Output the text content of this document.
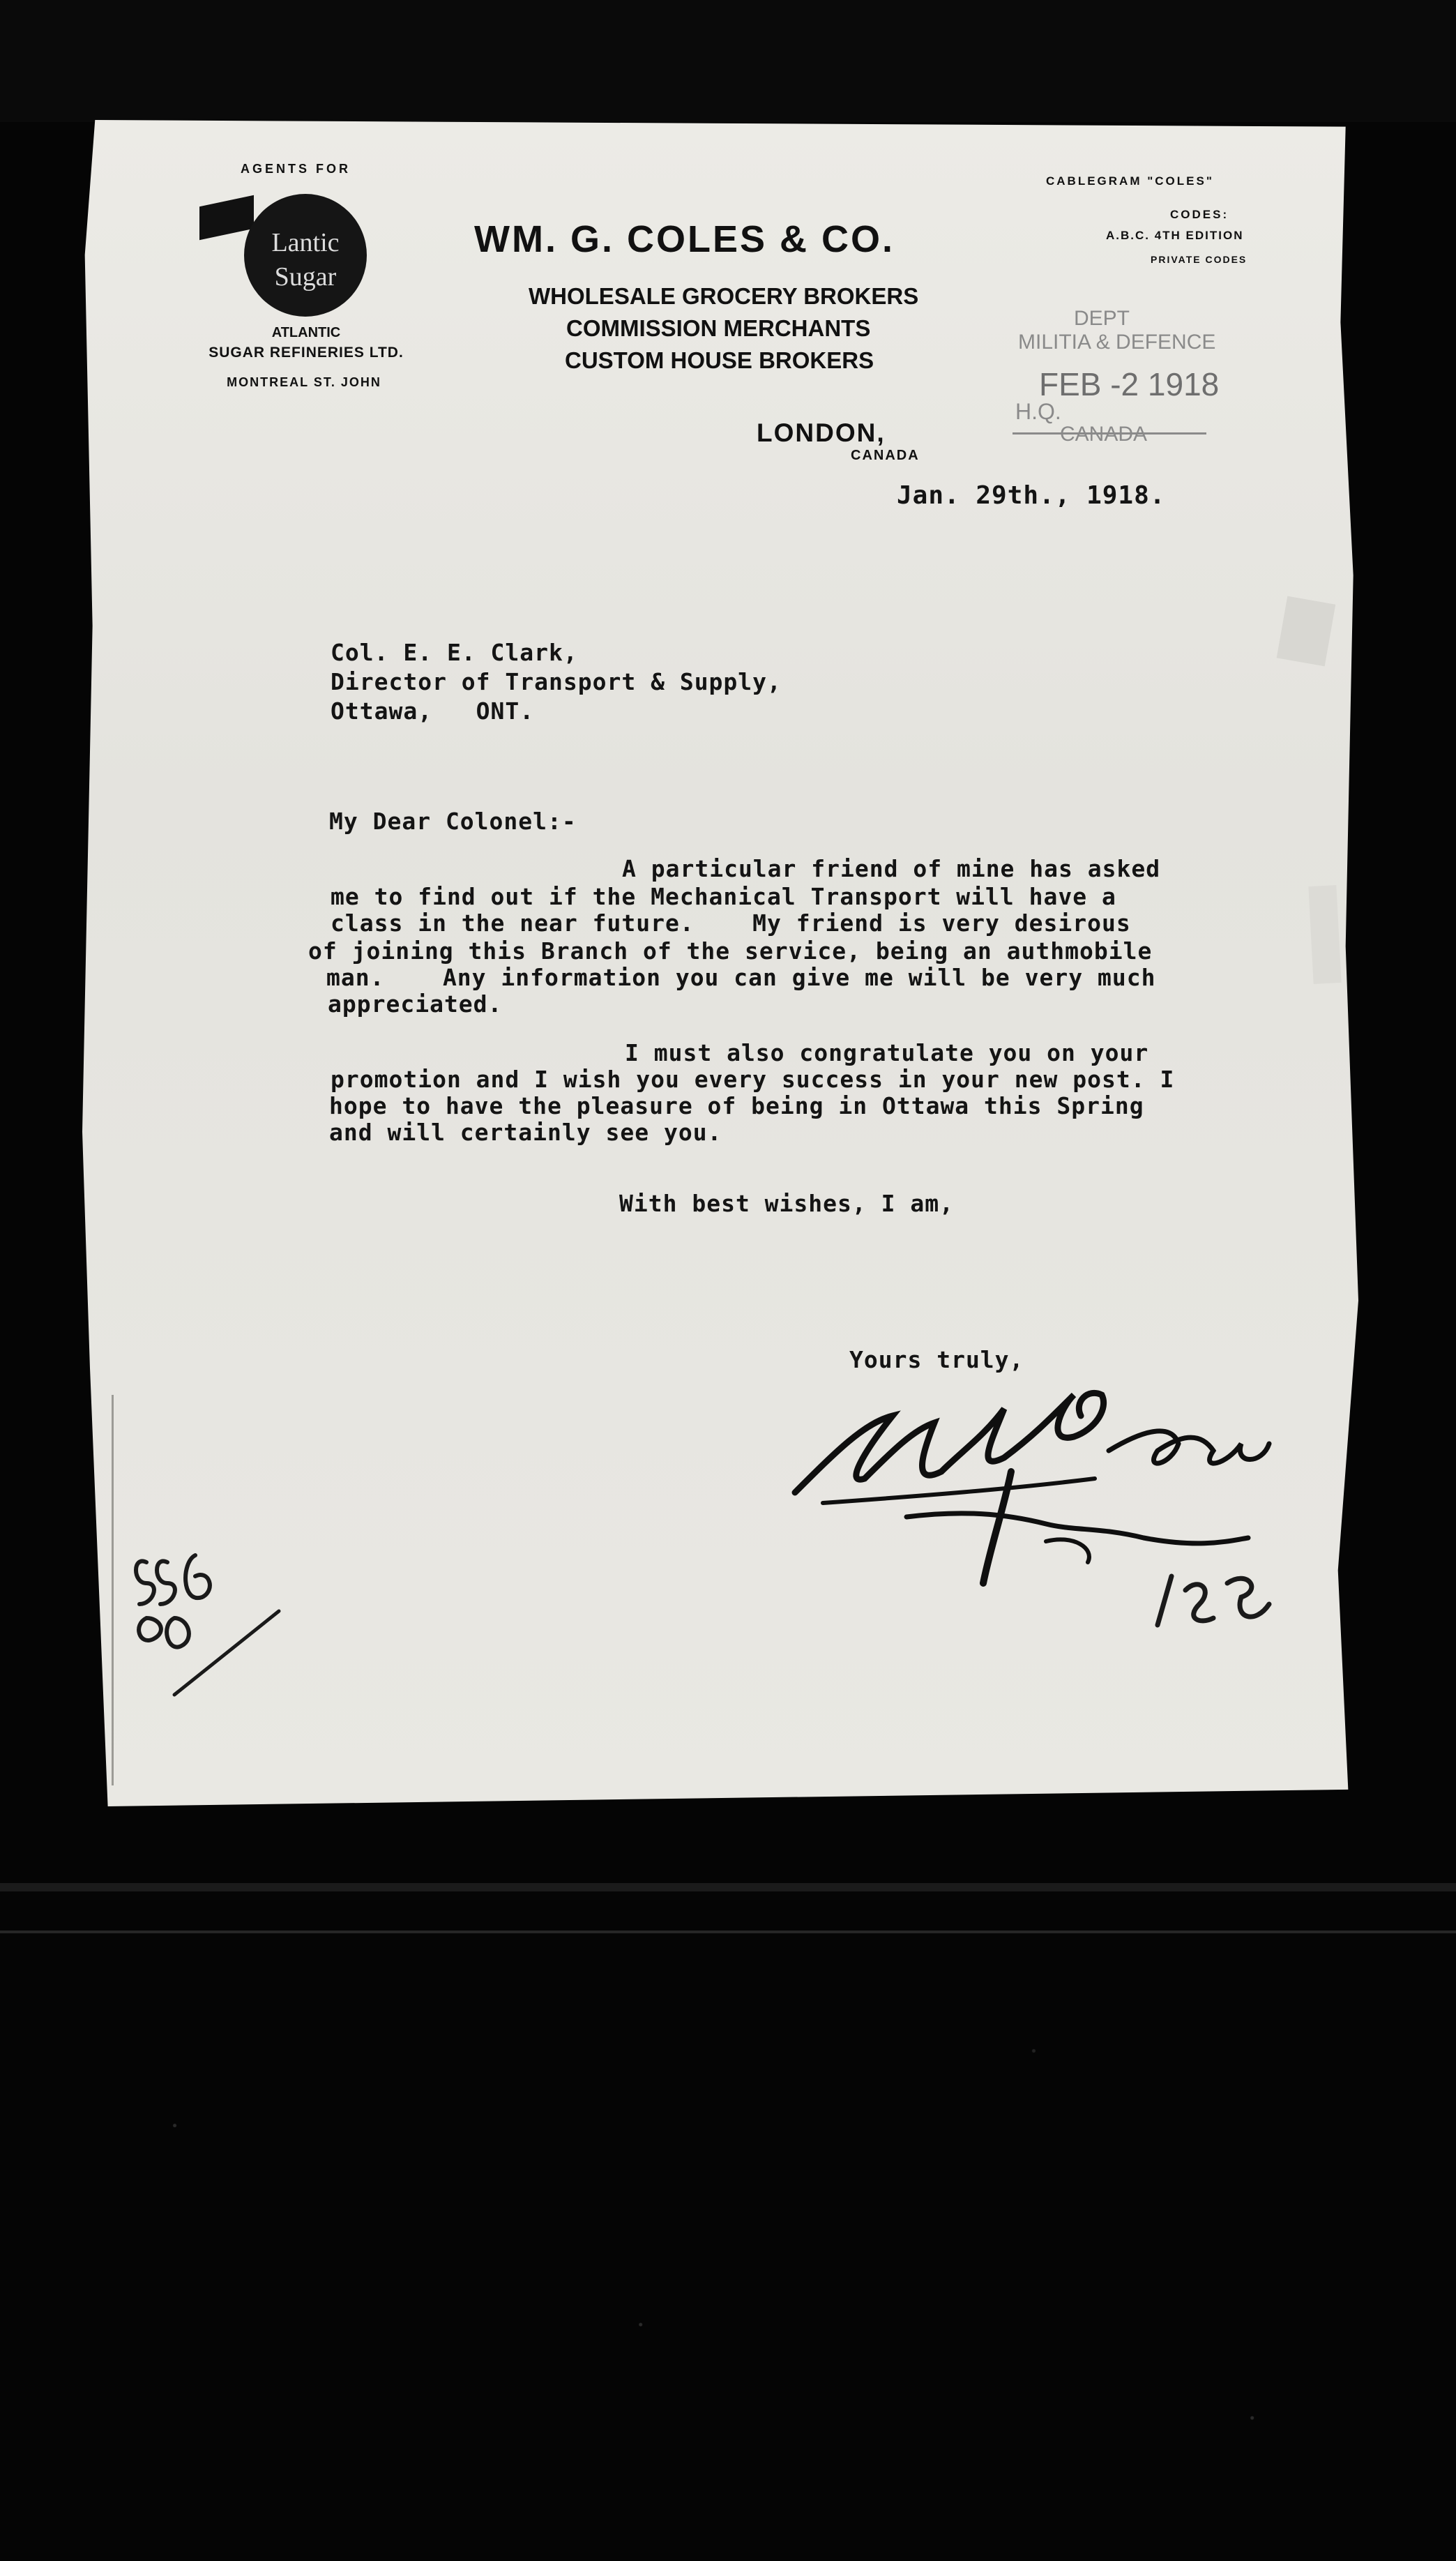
AGENTS FOR
Lantic
Sugar
ATLANTIC
SUGAR REFINERIES LTD.
MONTREAL ST. JOHN
WM. G. COLES & CO.
WHOLESALE GROCERY BROKERS
COMMISSION MERCHANTS
CUSTOM HOUSE BROKERS
LONDON,
CANADA
CABLEGRAM "COLES"
CODES:
A.B.C. 4TH EDITION
PRIVATE CODES
DEPT
MILITIA & DEFENCE
FEB -2 1918
H.Q.
CANADA
Jan. 29th., 1918.
Col. E. E. Clark,
Director of Transport & Supply,
Ottawa,   ONT.
My Dear Colonel:-
A particular friend of mine has asked
me to find out if the Mechanical Transport will have a
class in the near future.    My friend is very desirous
of joining this Branch of the service, being an authmobile
man.    Any information you can give me will be very much
appreciated.
I must also congratulate you on your
promotion and I wish you every success in your new post. I
hope to have the pleasure of being in Ottawa this Spring
and will certainly see you.
With best wishes, I am,
Yours truly,
